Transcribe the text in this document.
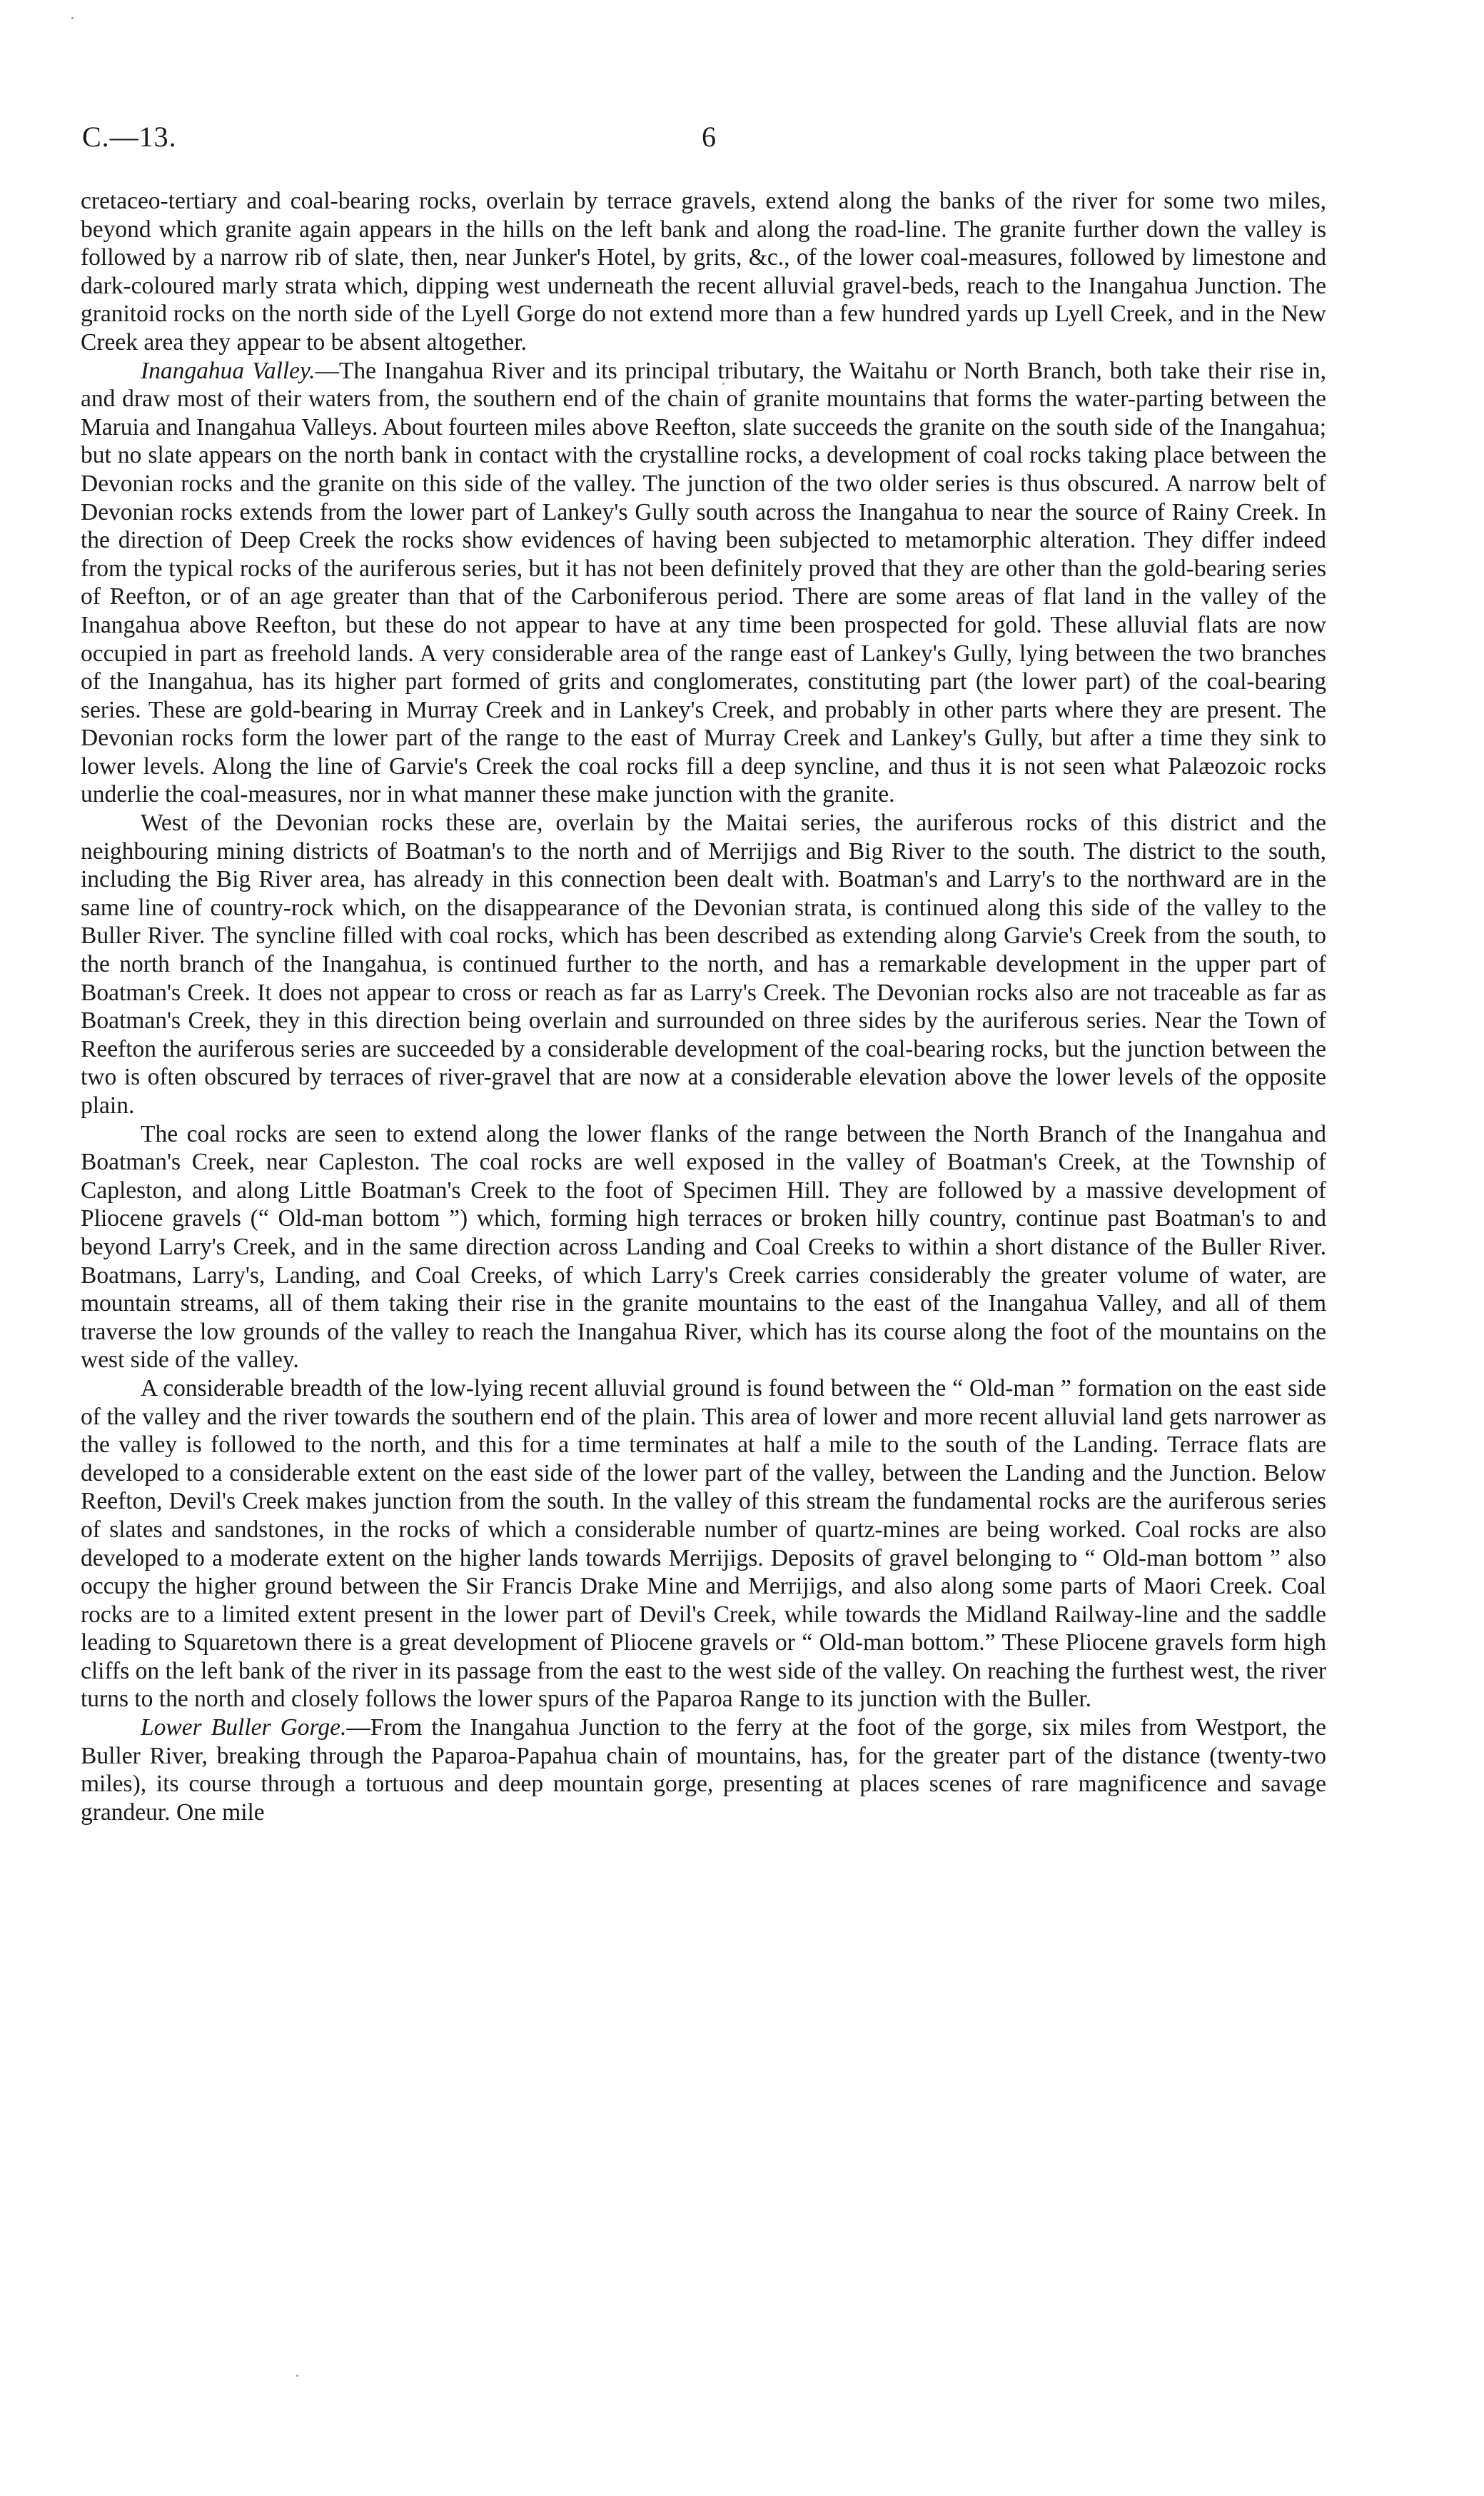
C.—13.	6

cretaceo-tertiary and coal-bearing rocks, overlain by terrace gravels, extend along the banks of the river for some two miles, beyond which granite again appears in the hills on the left bank and along the road-line. The granite further down the valley is followed by a narrow rib of slate, then, near Junker's Hotel, by grits, &c., of the lower coal-measures, followed by limestone and dark-coloured marly strata which, dipping west underneath the recent alluvial gravel-beds, reach to the Inangahua Junction. The granitoid rocks on the north side of the Lyell Gorge do not extend more than a few hundred yards up Lyell Creek, and in the New Creek area they appear to be absent altogether.

Inangahua Valley.—The Inangahua River and its principal tributary, the Waitahu or North Branch, both take their rise in, and draw most of their waters from, the southern end of the chain of granite mountains that forms the water-parting between the Maruia and Inangahua Valleys. About fourteen miles above Reefton, slate succeeds the granite on the south side of the Inangahua; but no slate appears on the north bank in contact with the crystalline rocks, a development of coal rocks taking place between the Devonian rocks and the granite on this side of the valley. The junction of the two older series is thus obscured. A narrow belt of Devonian rocks extends from the lower part of Lankey's Gully south across the Inangahua to near the source of Rainy Creek. In the direction of Deep Creek the rocks show evidences of having been subjected to metamorphic alteration. They differ indeed from the typical rocks of the auriferous series, but it has not been definitely proved that they are other than the gold-bearing series of Reefton, or of an age greater than that of the Carboniferous period. There are some areas of flat land in the valley of the Inangahua above Reefton, but these do not appear to have at any time been prospected for gold. These alluvial flats are now occupied in part as freehold lands. A very considerable area of the range east of Lankey's Gully, lying between the two branches of the Inangahua, has its higher part formed of grits and conglomerates, constituting part (the lower part) of the coal-bearing series. These are gold-bearing in Murray Creek and in Lankey's Creek, and probably in other parts where they are present. The Devonian rocks form the lower part of the range to the east of Murray Creek and Lankey's Gully, but after a time they sink to lower levels. Along the line of Garvie's Creek the coal rocks fill a deep syncline, and thus it is not seen what Palæozoic rocks underlie the coal-measures, nor in what manner these make junction with the granite.

West of the Devonian rocks these are, overlain by the Maitai series, the auriferous rocks of this district and the neighbouring mining districts of Boatman's to the north and of Merrijigs and Big River to the south. The district to the south, including the Big River area, has already in this connection been dealt with. Boatman's and Larry's to the northward are in the same line of country-rock which, on the disappearance of the Devonian strata, is continued along this side of the valley to the Buller River. The syncline filled with coal rocks, which has been described as extending along Garvie's Creek from the south, to the north branch of the Inangahua, is continued further to the north, and has a remarkable development in the upper part of Boatman's Creek. It does not appear to cross or reach as far as Larry's Creek. The Devonian rocks also are not traceable as far as Boatman's Creek, they in this direction being overlain and surrounded on three sides by the auriferous series. Near the Town of Reefton the auriferous series are succeeded by a considerable development of the coal-bearing rocks, but the junction between the two is often obscured by terraces of river-gravel that are now at a considerable elevation above the lower levels of the opposite plain.

The coal rocks are seen to extend along the lower flanks of the range between the North Branch of the Inangahua and Boatman's Creek, near Capleston. The coal rocks are well exposed in the valley of Boatman's Creek, at the Township of Capleston, and along Little Boatman's Creek to the foot of Specimen Hill. They are followed by a massive development of Pliocene gravels (“ Old-man bottom ”) which, forming high terraces or broken hilly country, continue past Boatman's to and beyond Larry's Creek, and in the same direction across Landing and Coal Creeks to within a short distance of the Buller River. Boatmans, Larry's, Landing, and Coal Creeks, of which Larry's Creek carries considerably the greater volume of water, are mountain streams, all of them taking their rise in the granite mountains to the east of the Inangahua Valley, and all of them traverse the low grounds of the valley to reach the Inangahua River, which has its course along the foot of the mountains on the west side of the valley.

A considerable breadth of the low-lying recent alluvial ground is found between the “ Old-man ” formation on the east side of the valley and the river towards the southern end of the plain. This area of lower and more recent alluvial land gets narrower as the valley is followed to the north, and this for a time terminates at half a mile to the south of the Landing. Terrace flats are developed to a considerable extent on the east side of the lower part of the valley, between the Landing and the Junction. Below Reefton, Devil's Creek makes junction from the south. In the valley of this stream the fundamental rocks are the auriferous series of slates and sandstones, in the rocks of which a considerable number of quartz-mines are being worked. Coal rocks are also developed to a moderate extent on the higher lands towards Merrijigs. Deposits of gravel belonging to “ Old-man bottom ” also occupy the higher ground between the Sir Francis Drake Mine and Merrijigs, and also along some parts of Maori Creek. Coal rocks are to a limited extent present in the lower part of Devil's Creek, while towards the Midland Railway-line and the saddle leading to Squaretown there is a great development of Pliocene gravels or “ Old-man bottom.” These Pliocene gravels form high cliffs on the left bank of the river in its passage from the east to the west side of the valley. On reaching the furthest west, the river turns to the north and closely follows the lower spurs of the Paparoa Range to its junction with the Buller.

Lower Buller Gorge.—From the Inangahua Junction to the ferry at the foot of the gorge, six miles from Westport, the Buller River, breaking through the Paparoa-Papahua chain of mountains, has, for the greater part of the distance (twenty-two miles), its course through a tortuous and deep mountain gorge, presenting at places scenes of rare magnificence and savage grandeur. One mile
